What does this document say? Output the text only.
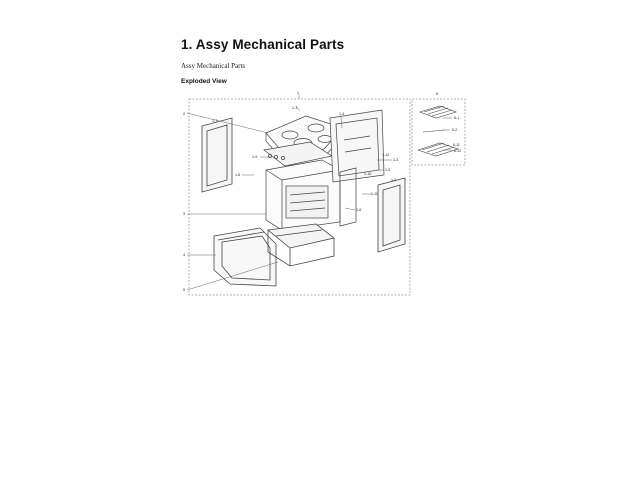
1. Assy Mechanical Parts
Assy Mechanical Parts
Exploded View
1
1-1
1-4
1-9
1-8
1-12
1-3
1-5
1-2
1-11
1-6
1-7
1-10
2
3
4
5
6
6-1
6-2
6-11
6-12
